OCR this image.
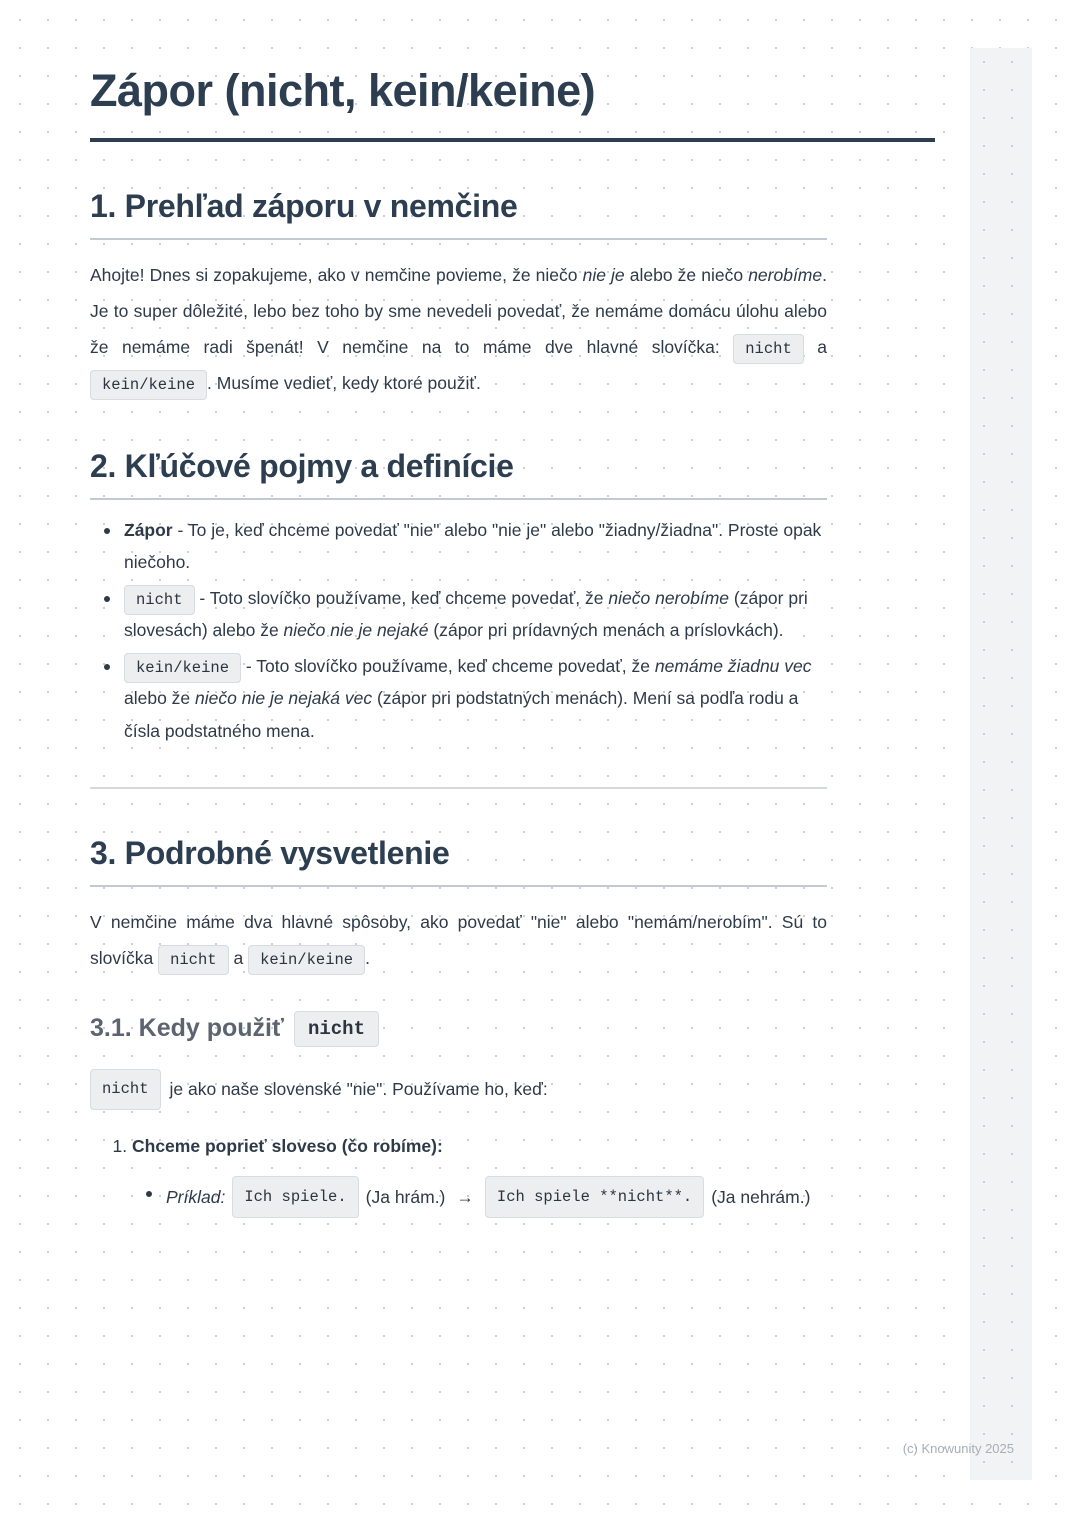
Zápor (nicht, kein/keine)
1. Prehľad záporu v nemčine

Ahojte! Dnes si zopakujeme, ako v nemčine povieme, že niečo nie je alebo že niečo nerobíme. Je to super dôležité, lebo bez toho by sme nevedeli povedať, že nemáme domácu úlohu alebo že nemáme radi špenát! V nemčine na to máme dve hlavné slovíčka: nicht a kein/keine . Musíme vedieť, kedy ktoré použiť.

2. Kľúčové pojmy a definície
Zápor - To je, keď chceme povedať "nie" alebo "nie je" alebo "žiadny/žiadna". Proste opak niečoho.
nicht - Toto slovíčko používame, keď chceme povedať, že niečo nerobíme (zápor pri slovesách) alebo že niečo nie je nejaké (zápor pri prídavných menách a príslovkách).
kein/keine - Toto slovíčko používame, keď chceme povedať, že nemáme žiadnu vec alebo že niečo nie je nejaká vec (zápor pri podstatných menách). Mení sa podľa rodu a čísla podstatného mena.
3. Podrobné vysvetlenie

V nemčine máme dva hlavné spôsoby, ako povedať "nie" alebo "nemám/nerobím". Sú to slovíčka nicht a kein/keine .

3.1. Kedy použiť	nicht

nicht	je ako naše slovenské "nie". Používame ho, keď:

1. Chceme poprieť sloveso (čo robíme):
Príklad:	Ich spiele.	(Ja hrám.) →	Ich spiele **nicht**.	(Ja nehrám.)
(c) Knowunity 2025
